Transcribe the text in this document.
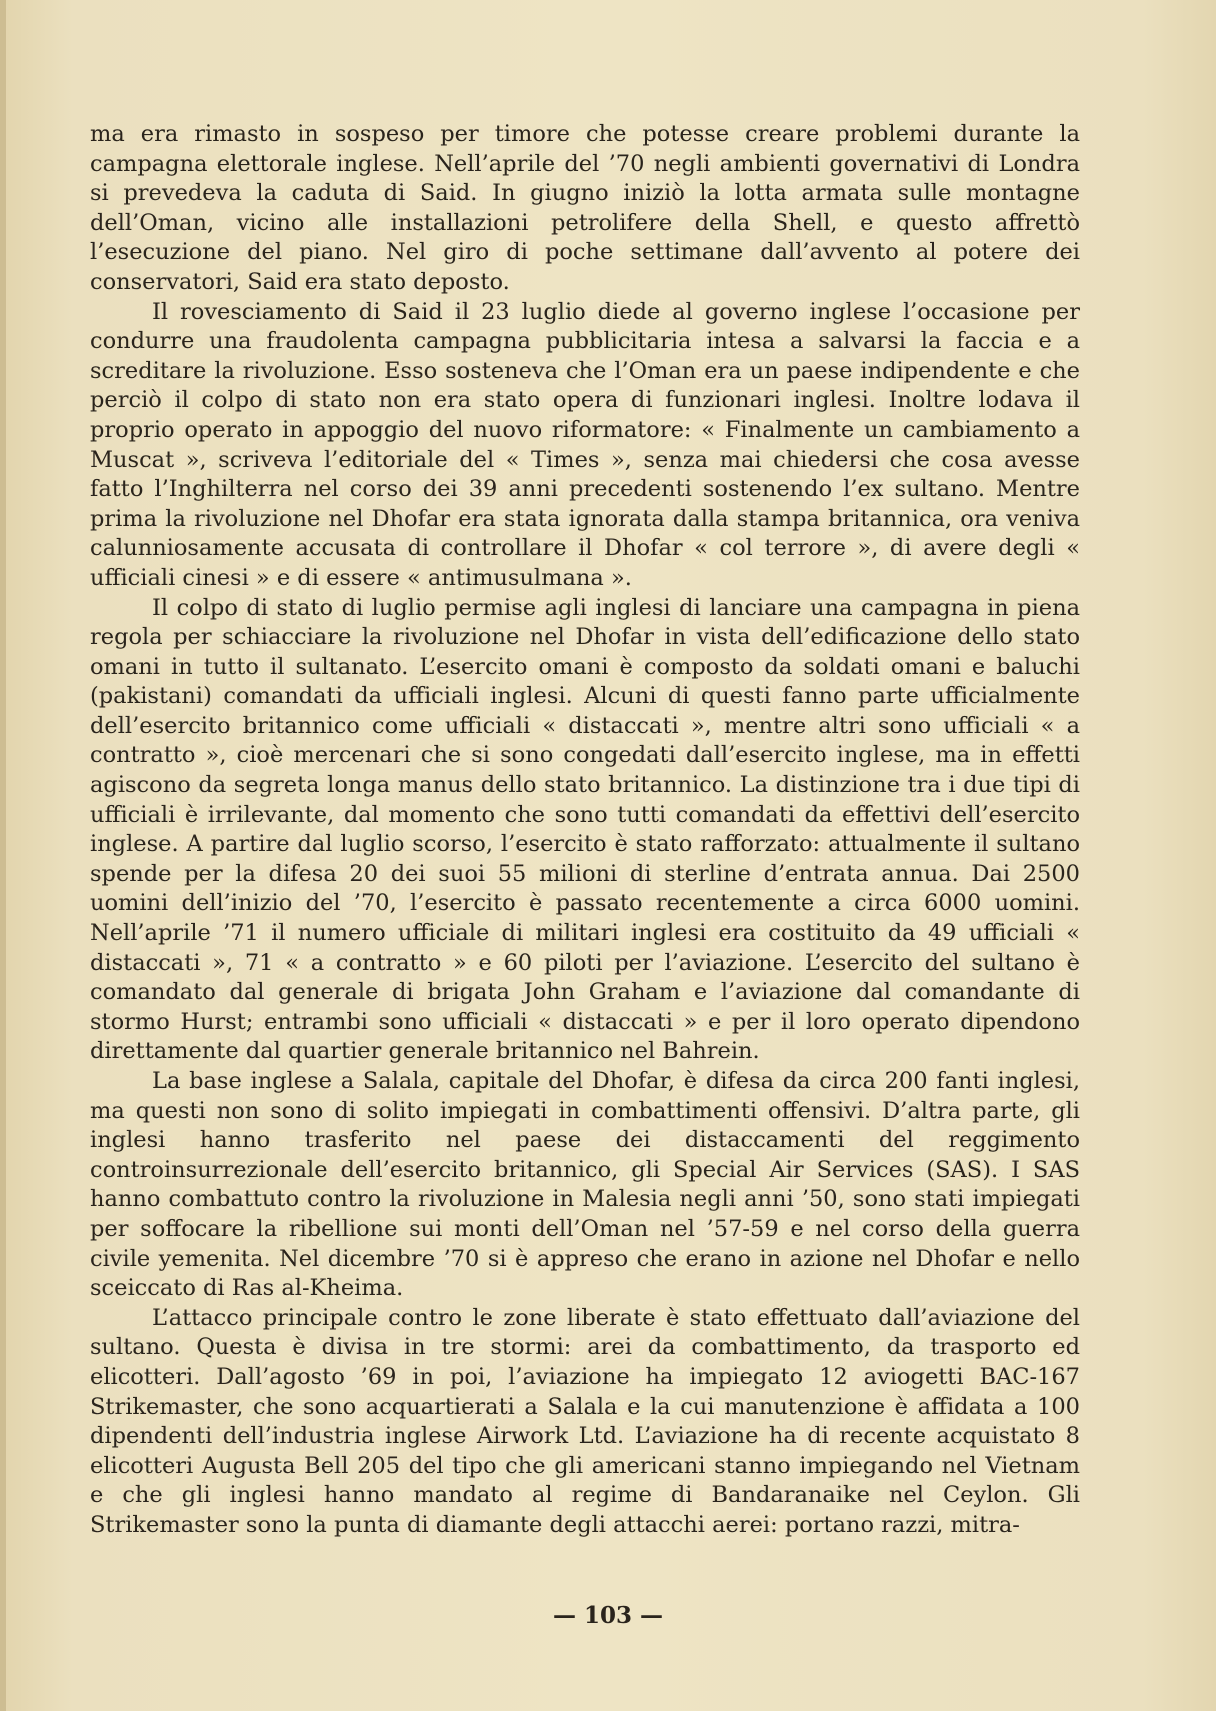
ma era rimasto in sospeso per timore che potesse creare problemi durante la campagna elettorale inglese. Nell’aprile del ’70 negli ambienti governativi di Londra si prevedeva la caduta di Said. In giugno iniziò la lotta armata sulle montagne dell’Oman, vicino alle installazioni petrolifere della Shell, e questo affrettò l’esecuzione del piano. Nel giro di poche settimane dall’avvento al potere dei conservatori, Said era stato deposto.

Il rovesciamento di Said il 23 luglio diede al governo inglese l’occasione per condurre una fraudolenta campagna pubblicitaria intesa a salvarsi la faccia e a screditare la rivoluzione. Esso sosteneva che l’Oman era un paese indipendente e che perciò il colpo di stato non era stato opera di funzionari inglesi. Inoltre lodava il proprio operato in appoggio del nuovo riformatore: « Finalmente un cambiamento a Muscat », scriveva l’editoriale del « Times », senza mai chiedersi che cosa avesse fatto l’Inghilterra nel corso dei 39 anni precedenti sostenendo l’ex sultano. Mentre prima la rivoluzione nel Dhofar era stata ignorata dalla stampa britannica, ora veniva calunniosamente accusata di controllare il Dhofar « col terrore », di avere degli « ufficiali cinesi » e di essere « antimusulmana ».

Il colpo di stato di luglio permise agli inglesi di lanciare una campagna in piena regola per schiacciare la rivoluzione nel Dhofar in vista dell’edificazione dello stato omani in tutto il sultanato. L’esercito omani è composto da soldati omani e baluchi (pakistani) comandati da ufficiali inglesi. Alcuni di questi fanno parte ufficialmente dell’esercito britannico come ufficiali « distaccati », mentre altri sono ufficiali « a contratto », cioè mercenari che si sono congedati dall’esercito inglese, ma in effetti agiscono da segreta longa manus dello stato britannico. La distinzione tra i due tipi di ufficiali è irrilevante, dal momento che sono tutti comandati da effettivi dell’esercito inglese. A partire dal luglio scorso, l’esercito è stato rafforzato: attualmente il sultano spende per la difesa 20 dei suoi 55 milioni di sterline d’entrata annua. Dai 2500 uomini dell’inizio del ’70, l’esercito è passato recentemente a circa 6000 uomini. Nell’aprile ’71 il numero ufficiale di militari inglesi era costituito da 49 ufficiali « distaccati », 71 « a contratto » e 60 piloti per l’aviazione. L’esercito del sultano è comandato dal generale di brigata John Graham e l’aviazione dal comandante di stormo Hurst; entrambi sono ufficiali « distaccati » e per il loro operato dipendono direttamente dal quartier generale britannico nel Bahrein.

La base inglese a Salala, capitale del Dhofar, è difesa da circa 200 fanti inglesi, ma questi non sono di solito impiegati in combattimenti offensivi. D’altra parte, gli inglesi hanno trasferito nel paese dei distaccamenti del reggimento controinsurrezionale dell’esercito britannico, gli Special Air Services (SAS). I SAS hanno combattuto contro la rivoluzione in Malesia negli anni ’50, sono stati impiegati per soffocare la ribellione sui monti dell’Oman nel ’57-59 e nel corso della guerra civile yemenita. Nel dicembre ’70 si è appreso che erano in azione nel Dhofar e nello sceiccato di Ras al-Kheima.

L’attacco principale contro le zone liberate è stato effettuato dall’aviazione del sultano. Questa è divisa in tre stormi: arei da combattimento, da trasporto ed elicotteri. Dall’agosto ’69 in poi, l’aviazione ha impiegato 12 aviogetti BAC-167 Strikemaster, che sono acquartierati a Salala e la cui manutenzione è affidata a 100 dipendenti dell’industria inglese Airwork Ltd. L’aviazione ha di recente acquistato 8 elicotteri Augusta Bell 205 del tipo che gli americani stanno impiegando nel Vietnam e che gli inglesi hanno mandato al regime di Bandaranaike nel Ceylon. Gli Strikemaster sono la punta di diamante degli attacchi aerei: portano razzi, mitra-

— 103 —
